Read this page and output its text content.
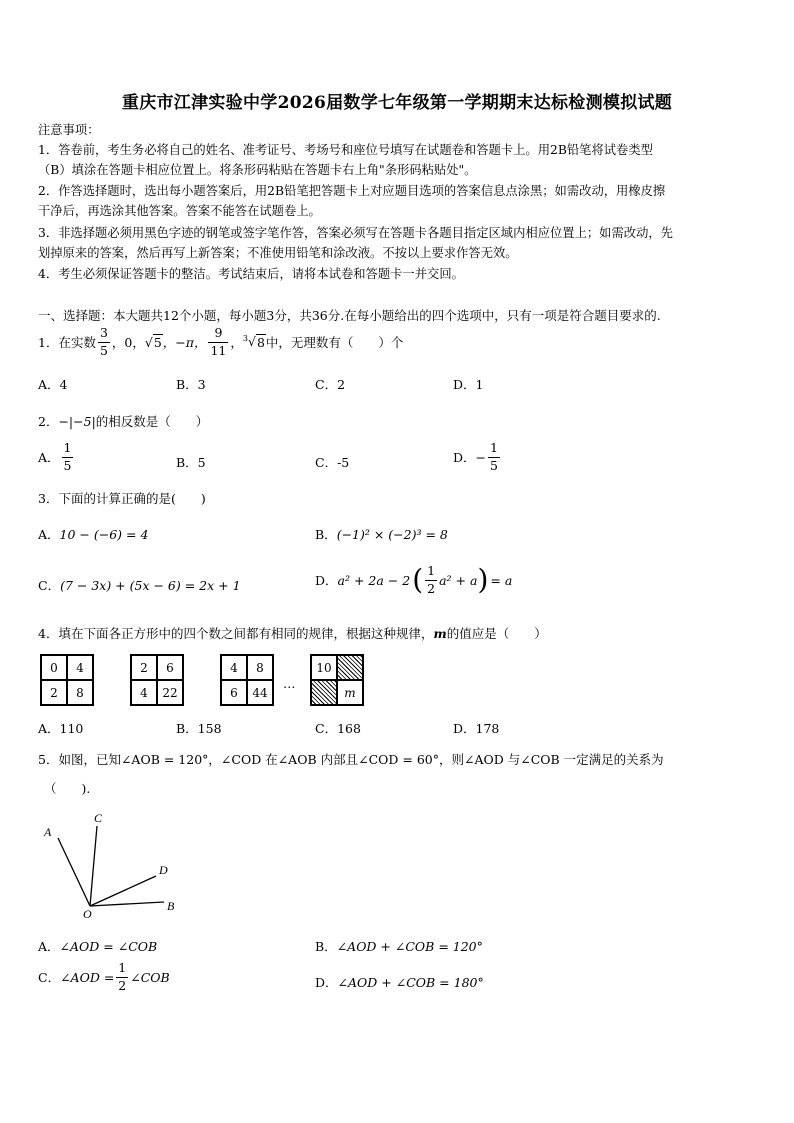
重庆市江津实验中学2026届数学七年级第一学期期末达标检测模拟试题
注意事项：
1．答卷前，考生务必将自己的姓名、准考证号、考场号和座位号填写在试题卷和答题卡上。用2B铅笔将试卷类型
（B）填涂在答题卡相应位置上。将条形码粘贴在答题卡右上角"条形码粘贴处"。
2．作答选择题时，选出每小题答案后，用2B铅笔把答题卡上对应题目选项的答案信息点涂黑；如需改动，用橡皮擦
干净后，再选涂其他答案。答案不能答在试题卷上。
3．非选择题必须用黑色字迹的钢笔或签字笔作答，答案必须写在答题卡各题目指定区域内相应位置上；如需改动，先
划掉原来的答案，然后再写上新答案；不准使用铅笔和涂改液。不按以上要求作答无效。
4．考生必须保证答题卡的整洁。考试结束后，请将本试卷和答题卡一并交回。
一、选择题：本大题共12个小题，每小题3分，共36分.在每小题给出的四个选项中，只有一项是符合题目要求的.
1．在实数 $\frac{3}{5}$ ，0， √5 ，−π， $\frac{9}{11}$ ， $^3$√8 中，无理数有（　　）个
A．4	B．3	C．2	D．1
2．−|−5|的相反数是（　　）
A． $\frac{1}{5}$	B．5	C．-5	D． − $\frac{1}{5}$
3．下面的计算正确的是(　　)
A．10 − (−6) = 4	B．(−1)² × (−2)³ = 8
C．(7 − 3x) + (5x − 6) = 2x + 1	D． a² + 2a − 2 ( $\frac{1}{2} a^2 + a$ ) = a
4．填在下面各正方形中的四个数之间都有相同的规律，根据这种规律，m的值应是（　　）
0	4
2	8
2	6
4	22
4	8
6	44
…
10
m
A．110	B．158	C．168	D．178
5．如图，已知∠AOB = 120°，∠COD 在∠AOB 内部且∠COD = 60°，则∠AOD 与∠COB 一定满足的关系为
（　　).
A
C
D
B
O
A．∠AOD = ∠COB	B．∠AOD + ∠COB = 120°
C． ∠AOD = $\frac{1}{2}$ ∠COB	D．∠AOD + ∠COB = 180°
